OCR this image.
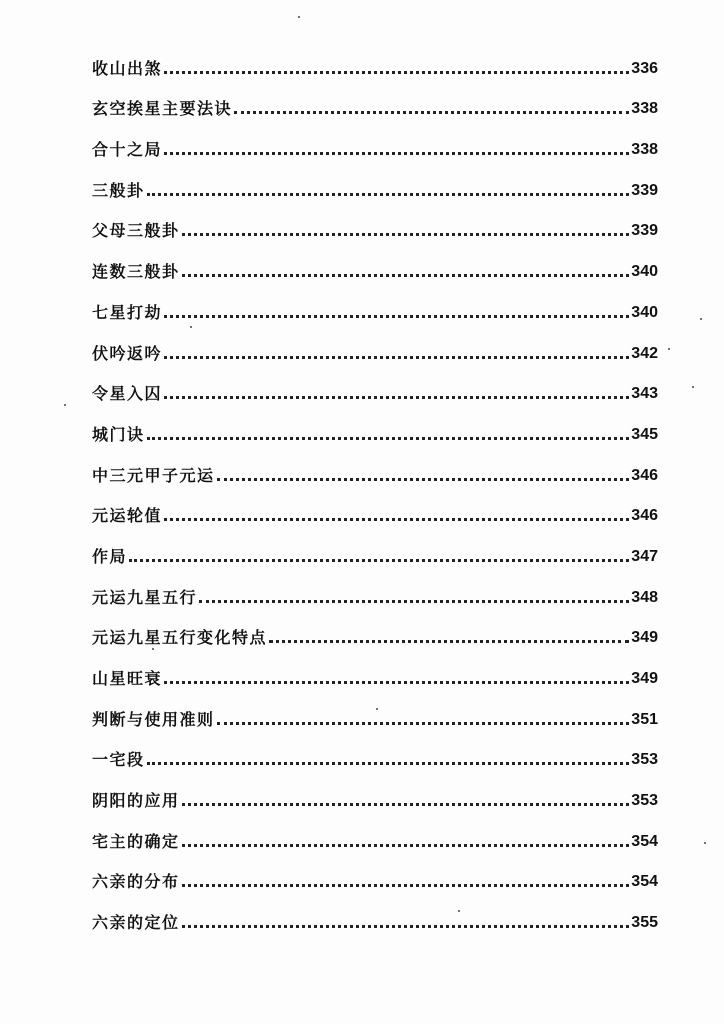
收山出煞	336
玄空挨星主要法诀	338
合十之局	338
三般卦	339
父母三般卦	339
连数三般卦	340
七星打劫	340
伏吟返吟	342
令星入囚	343
城门诀	345
中三元甲子元运	346
元运轮值	346
作局	347
元运九星五行	348
元运九星五行变化特点	349
山星旺衰	349
判断与使用准则	351
一宅段	353
阴阳的应用	353
宅主的确定	354
六亲的分布	354
六亲的定位	355
